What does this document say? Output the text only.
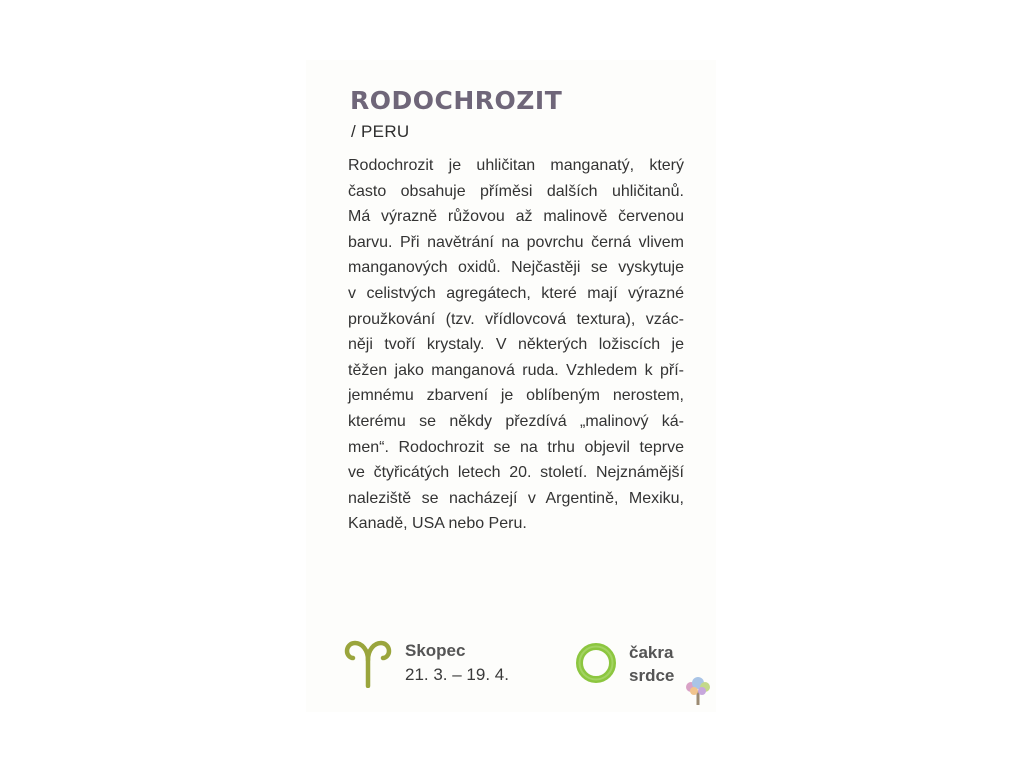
RODOCHROZIT
/ PERU
Rodochrozit je uhličitan manganatý, který
často obsahuje příměsi dalších uhličitanů.
Má výrazně růžovou až malinově červenou
barvu. Při navětrání na povrchu černá vlivem
manganových oxidů. Nejčastěji se vyskytuje
v celistvých agregátech, které mají výrazné
proužkování (tzv. vřídlovcová textura), vzác-
něji tvoří krystaly. V některých ložiscích je
těžen jako manganová ruda. Vzhledem k pří-
jemnému zbarvení je oblíbeným nerostem,
kterému se někdy přezdívá „malinový ká-
men“. Rodochrozit se na trhu objevil teprve
ve čtyřicátých letech 20. století. Nejznámější
naleziště se nacházejí v Argentině, Mexiku,
Kanadě, USA nebo Peru.
Skopec
21. 3. – 19. 4.
čakra
srdce
